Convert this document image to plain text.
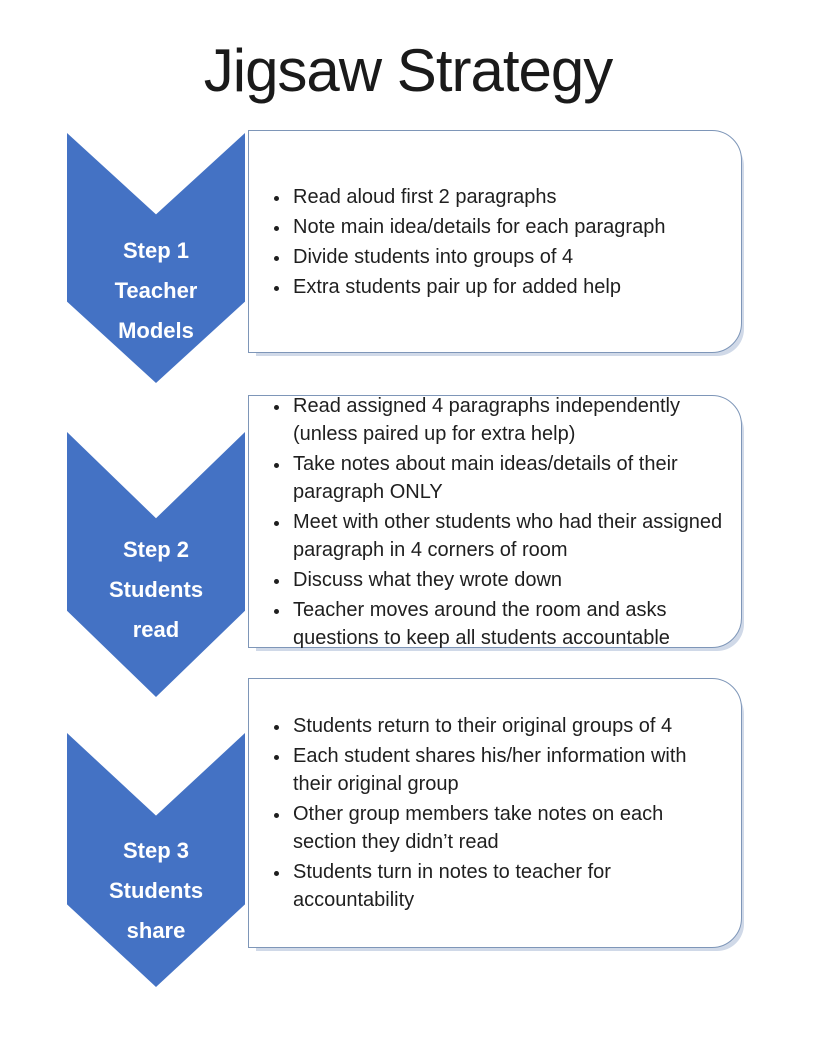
Jigsaw Strategy
Step 1
Teacher
Models
• Read aloud first 2 paragraphs
• Note main idea/details for each paragraph
• Divide students into groups of 4
• Extra students pair up for added help
Step 2
Students
read
• Read assigned 4 paragraphs independently (unless paired up for extra help)
• Take notes about main ideas/details of their paragraph ONLY
• Meet with other students who had their assigned paragraph in 4 corners of room
• Discuss what they wrote down
• Teacher moves around the room and asks questions to keep all students accountable
Step 3
Students
share
• Students return to their original groups of 4
• Each student shares his/her information with their original group
• Other group members take notes on each section they didn’t read
• Students turn in notes to teacher for accountability
